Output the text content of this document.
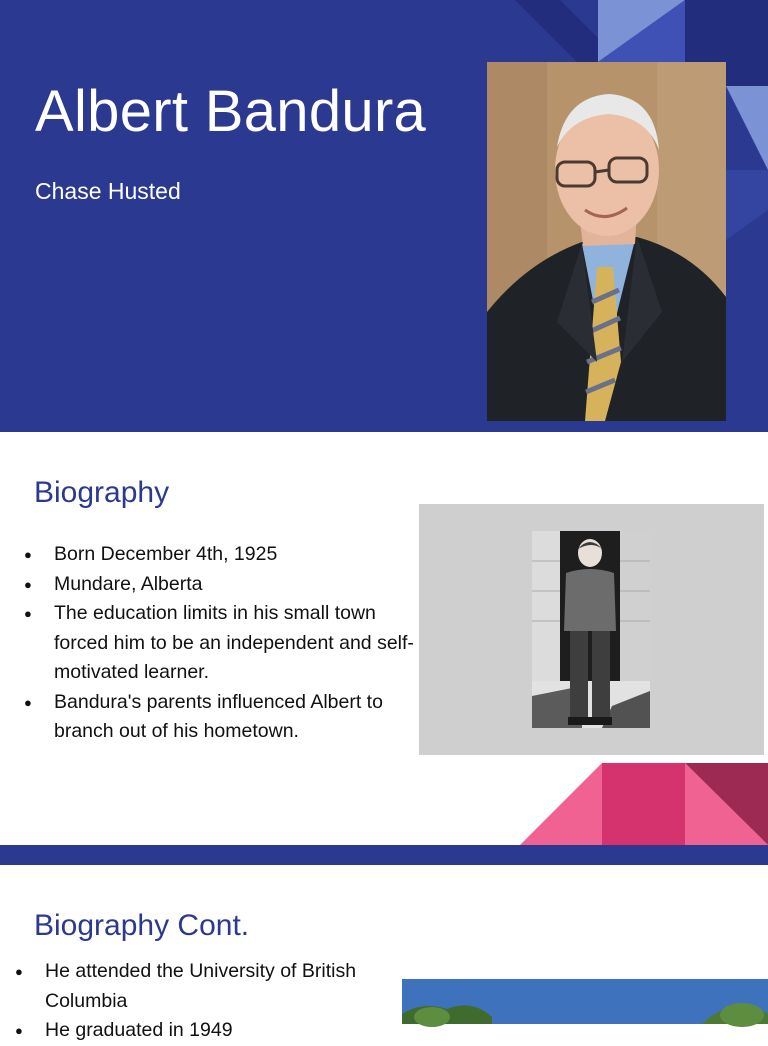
Albert Bandura

Chase Husted

Biography
● Born December 4th, 1925
● Mundare, Alberta
● The education limits in his small town forced him to be an independent and self-motivated learner.
● Bandura's parents influenced Albert to branch out of his hometown.
Biography Cont.
● He attended the University of British Columbia
● He graduated in 1949
